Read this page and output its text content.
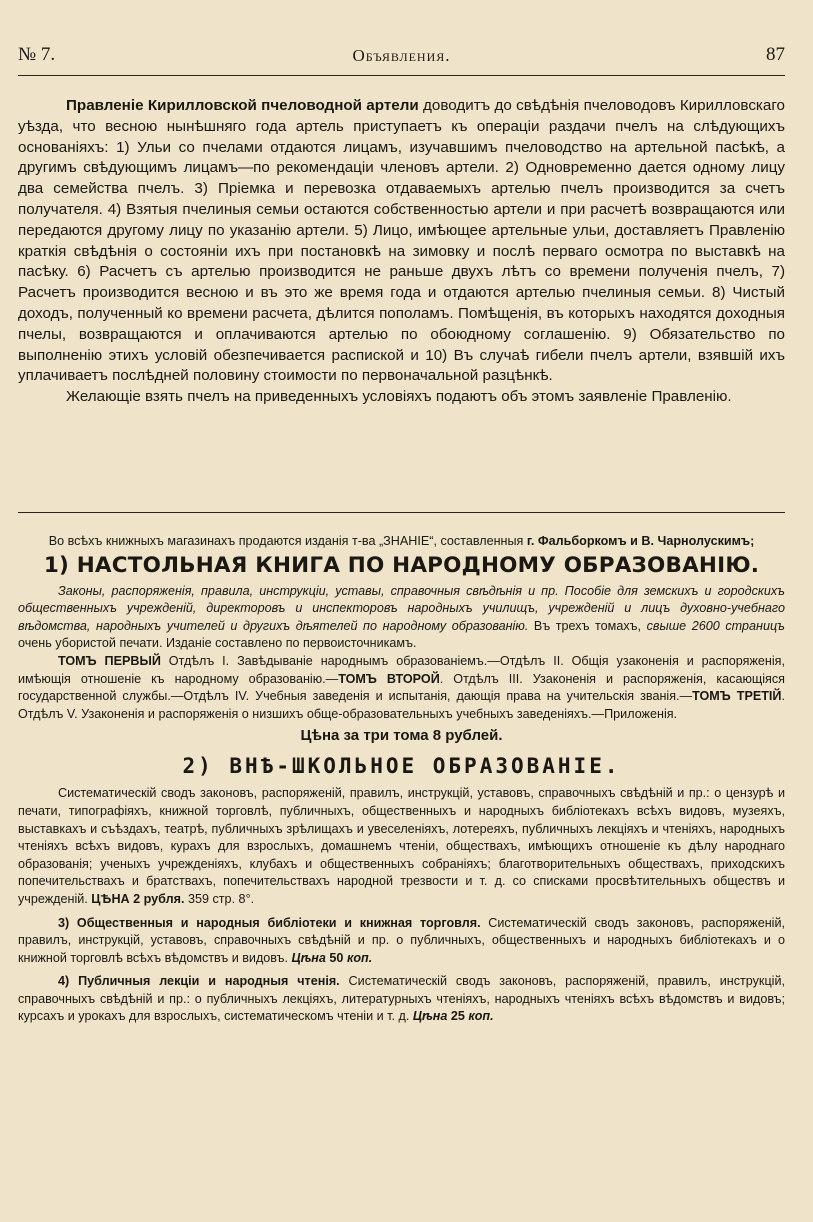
№ 7.	Объявления.	87

Правленіе Кирилловской пчеловодной артели доводитъ до свѣдѣнія пчеловодовъ Кирилловскаго уѣзда, что весною нынѣшняго года артель приступаетъ къ операціи раздачи пчелъ на слѣдующихъ основаніяхъ: 1) Ульи со пчелами отдаются лицамъ, изучавшимъ пчеловодство на артельной пасѣкѣ, а другимъ свѣдующимъ лицамъ—по рекомендаціи членовъ артели. 2) Одновременно дается одному лицу два семейства пчелъ. 3) Пріемка и перевозка отдаваемыхъ артелью пчелъ производится за счетъ получателя. 4) Взятыя пчелиныя семьи остаются собственностью артели и при расчетѣ возвращаются или передаются другому лицу по указанію артели. 5) Лицо, имѣющее артельные ульи, доставляетъ Правленію краткія свѣдѣнія о состояніи ихъ при постановкѣ на зимовку и послѣ перваго осмотра по выставкѣ на пасѣку. 6) Расчетъ съ артелью производится не раньше двухъ лѣтъ со времени полученія пчелъ, 7) Расчетъ производится весною и въ это же время года и отдаются артелью пчелиныя семьи. 8) Чистый доходъ, полученный ко времени расчета, дѣлится пополамъ. Помѣщенія, въ которыхъ находятся доходныя пчелы, возвращаются и оплачиваются артелью по обоюдному соглашенію. 9) Обязательство по выполненію этихъ условій обезпечивается распиской и 10) Въ случаѣ гибели пчелъ артели, взявшій ихъ уплачиваетъ послѣдней половину стоимости по первоначальной разцѣнкѣ.

Желающіе взять пчелъ на приведенныхъ условіяхъ подаютъ объ этомъ заявленіе Правленію.

Во всѣхъ книжныхъ магазинахъ продаются изданія т-ва „ЗНАНІЕ“, составленныя г. Фальборкомъ и В. Чарнолускимъ;

1) НАСТОЛЬНАЯ КНИГА ПО НАРОДНОМУ ОБРАЗОВАНІЮ.

Законы, распоряженія, правила, инструкціи, уставы, справочныя свѣдѣнія и пр. Пособіе для земскихъ и городскихъ общественныхъ учрежденій, директоровъ и инспекторовъ народныхъ училищъ, учрежденій и лицъ духовно-учебнаго вѣдомства, народныхъ учителей и другихъ дѣятелей по народному образованію. Въ трехъ томахъ, свыше 2600 страницъ очень убористой печати. Изданіе составлено по первоисточникамъ.

ТОМЪ ПЕРВЫЙ Отдѣлъ I. Завѣдываніе народнымъ образованіемъ.—Отдѣлъ II. Общія узаконенія и распоряженія, имѣющія отношеніе къ народному образованію.—ТОМЪ ВТОРОЙ. Отдѣлъ III. Узаконенія и распоряженія, касающіяся государственной службы.—Отдѣлъ IV. Учебныя заведенія и испытанія, дающія права на учительскія званія.—ТОМЪ ТРЕТІЙ. Отдѣлъ V. Узаконенія и распоряженія о низшихъ обще-образовательныхъ учебныхъ заведеніяхъ.—Приложенія.

Цѣна за три тома 8 рублей.

2) ВНѢ-ШКОЛЬНОЕ ОБРАЗОВАНІЕ.

Систематическій сводъ законовъ, распоряженій, правилъ, инструкцій, уставовъ, справочныхъ свѣдѣній и пр.: о цензурѣ и печати, типографіяхъ, книжной торговлѣ, публичныхъ, общественныхъ и народныхъ библіотекахъ всѣхъ видовъ, музеяхъ, выставкахъ и съѣздахъ, театрѣ, публичныхъ зрѣлищахъ и увеселеніяхъ, лотереяхъ, публичныхъ лекціяхъ и чтеніяхъ, народныхъ чтеніяхъ всѣхъ видовъ, курахъ для взрослыхъ, домашнемъ чтеніи, обществахъ, имѣющихъ отношеніе къ дѣлу народнаго образованія; ученыхъ учрежденіяхъ, клубахъ и общественныхъ собраніяхъ; благотворительныхъ обществахъ, приходскихъ попечительствахъ и братствахъ, попечительствахъ народной трезвости и т. д. со списками просвѣтительныхъ обществъ и учрежденій. ЦѢНА 2 рубля. 359 стр. 8°.

3) Общественныя и народныя библіотеки и книжная торговля. Систематическій сводъ законовъ, распоряженій, правилъ, инструкцій, уставовъ, справочныхъ свѣдѣній и пр. о публичныхъ, общественныхъ и народныхъ библіотекахъ и о книжной торговлѣ всѣхъ вѣдомствъ и видовъ. Цѣна 50 коп.

4) Публичныя лекціи и народныя чтенія. Систематическій сводъ законовъ, распоряженій, правилъ, инструкцій, справочныхъ свѣдѣній и пр.: о публичныхъ лекціяхъ, литературныхъ чтеніяхъ, народныхъ чтеніяхъ всѣхъ вѣдомствъ и видовъ; курсахъ и урокахъ для взрослыхъ, систематическомъ чтеніи и т. д. Цѣна 25 коп.
